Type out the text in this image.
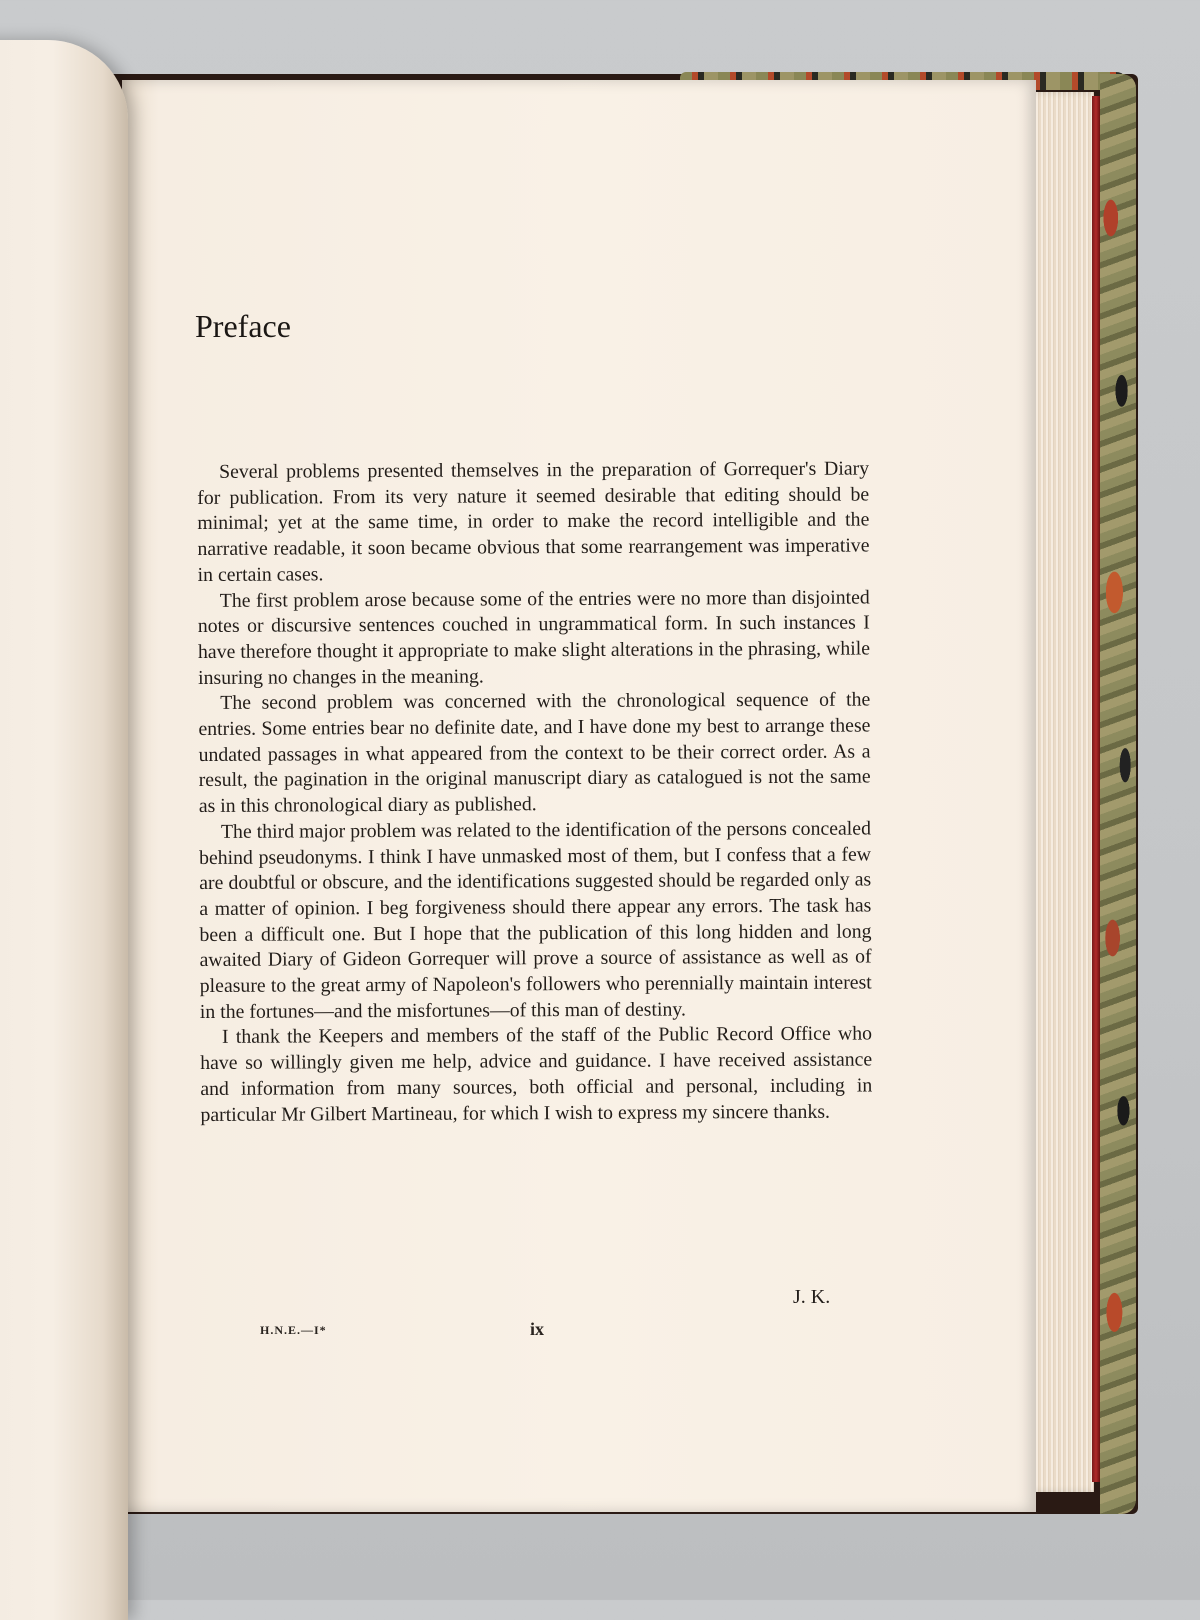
Preface

Several problems presented themselves in the preparation of Gorrequer's Diary for publication. From its very nature it seemed desirable that editing should be minimal; yet at the same time, in order to make the record intelligible and the narrative readable, it soon became obvious that some rearrangement was imperative in certain cases.

The first problem arose because some of the entries were no more than disjointed notes or discursive sentences couched in ungrammatical form. In such instances I have therefore thought it appropriate to make slight alterations in the phrasing, while insuring no changes in the meaning.

The second problem was concerned with the chronological sequence of the entries. Some entries bear no definite date, and I have done my best to arrange these undated passages in what appeared from the context to be their correct order. As a result, the pagination in the original manuscript diary as catalogued is not the same as in this chronological diary as published.

The third major problem was related to the identification of the persons concealed behind pseudonyms. I think I have unmasked most of them, but I confess that a few are doubtful or obscure, and the identifications suggested should be regarded only as a matter of opinion. I beg forgiveness should there appear any errors. The task has been a difficult one. But I hope that the publication of this long hidden and long awaited Diary of Gideon Gorrequer will prove a source of assistance as well as of pleasure to the great army of Napoleon's followers who perennially maintain interest in the fortunes—and the misfortunes—of this man of destiny.

I thank the Keepers and members of the staff of the Public Record Office who have so willingly given me help, advice and guidance. I have received assistance and information from many sources, both official and personal, including in particular Mr Gilbert Martineau, for which I wish to express my sincere thanks.

J. K.

H.N.E.—I*	ix
